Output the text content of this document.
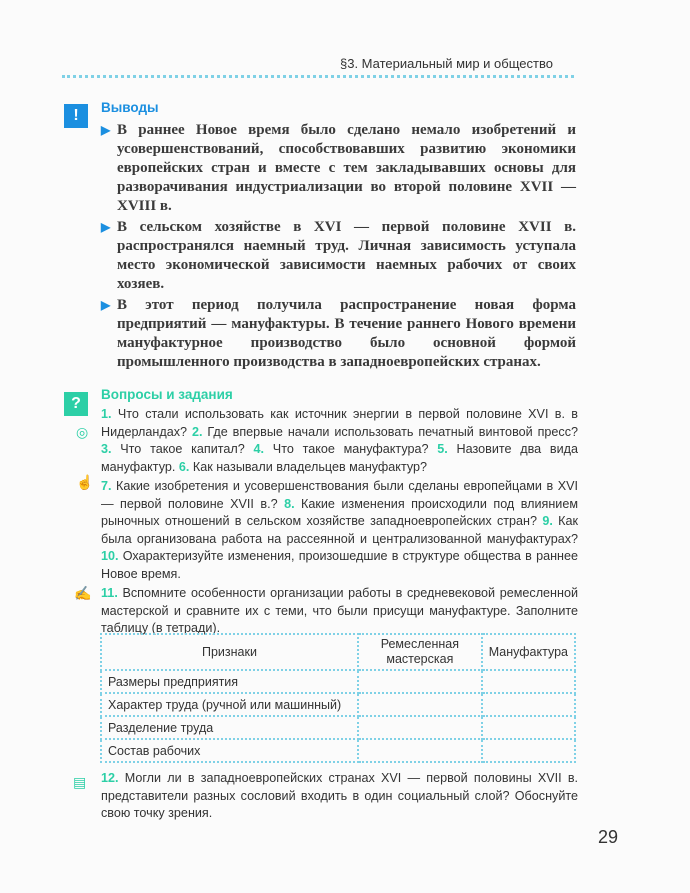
§3. Материальный мир и общество
!	Выводы
▶ В раннее Новое время было сделано немало изобретений и усовершенствований, способствовавших развитию экономики европейских стран и вместе с тем закладывавших основы для разворачивания индустриализации во второй половине XVII — XVIII в.
▶ В сельском хозяйстве в XVI — первой половине XVII в. распространялся наемный труд. Личная зависимость уступала место экономической зависимости наемных рабочих от своих хозяев.
▶ В этот период получила распространение новая форма предприятий — мануфактуры. В течение раннего Нового времени мануфактурное производство было основной формой промышленного производства в западноевропейских странах.
?
Вопросы и задания
◎
1. Что стали использовать как источник энергии в первой половине XVI в. в Нидерландах? 2. Где впервые начали использовать печатный винтовой пресс? 3. Что такое капитал? 4. Что такое мануфактура? 5. Назовите два вида мануфактур. 6. Как называли владельцев мануфактур?
☝ 7. Какие изобретения и усовершенствования были сделаны европейцами в XVI — первой половине XVII в.? 8. Какие изменения происходили под влиянием рыночных отношений в сельском хозяйстве западноевропейских стран? 9. Как была организована работа на рассеянной и централизованной мануфактурах? 10. Охарактеризуйте изменения, произошедшие в структуре общества в раннее Новое время.
✍ 11. Вспомните особенности организации работы в средневековой ремесленной мастерской и сравните их с теми, что были присущи мануфактуре. Заполните таблицу (в тетради).
Признаки	Ремесленная мастерская	Мануфактура
Размеры предприятия		
Характер труда (ручной или машинный)		
Разделение труда		
Состав рабочих		
▤ 12. Могли ли в западноевропейских странах XVI — первой половины XVII в. представители разных сословий входить в один социальный слой? Обоснуйте свою точку зрения.
29
